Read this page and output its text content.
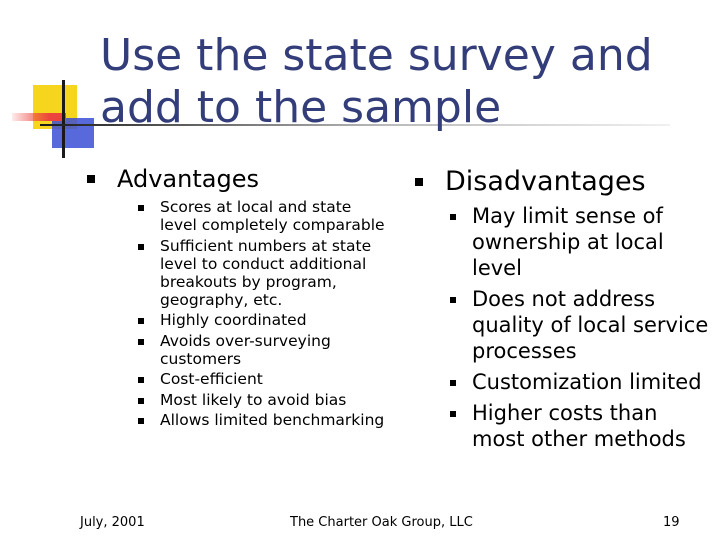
Use the state survey and add to the sample
Advantages
Scores at local and state level completely comparable
Sufficient numbers at state level to conduct additional breakouts by program, geography, etc.
Highly coordinated
Avoids over-surveying customers
Cost-efficient
Most likely to avoid bias
Allows limited benchmarking
Disadvantages
May limit sense of ownership at local level
Does not address quality of local service processes
Customization limited
Higher costs than most other methods
July, 2001	The Charter Oak Group, LLC	19
